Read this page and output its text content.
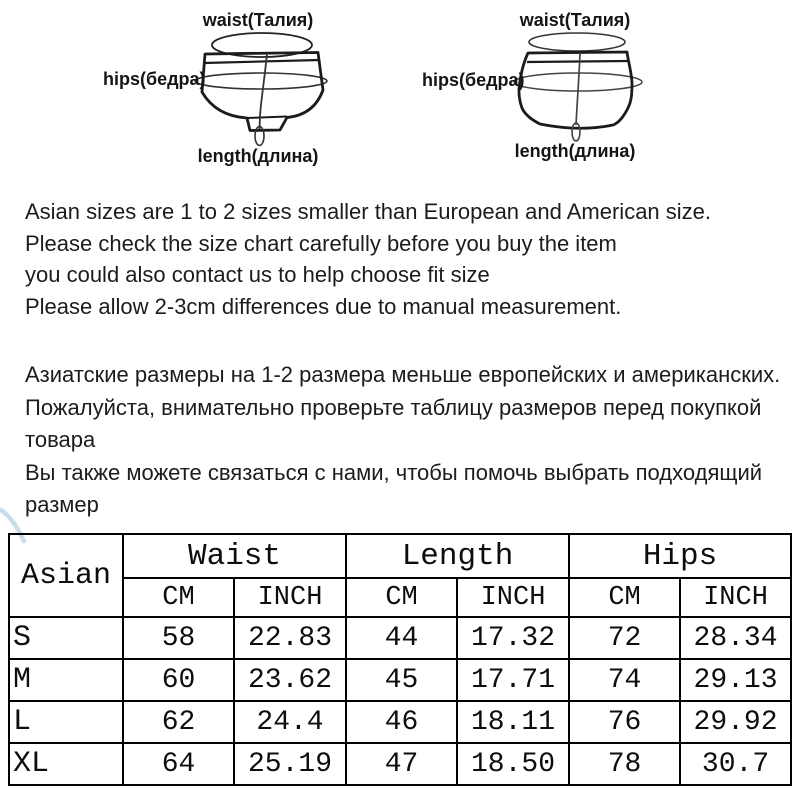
waist(Талия)
hips(бедра)
length(длина)
waist(Талия)
hips(бедра)
length(длина)
Asian sizes are 1 to 2 sizes smaller than European and American size.
Please check the size chart carefully before you buy the item
you could also contact us to help choose fit size
Please allow 2-3cm differences due to manual measurement.
Азиатские размеры на 1-2 размера меньше европейских и американских.
Пожалуйста, внимательно проверьте таблицу размеров перед покупкой
товара
Вы также можете связаться с нами, чтобы помочь выбрать подходящий
размер
Asian	Waist		Length		Hips	
	CM	INCH	CM	INCH	CM	INCH
S	58	22.83	44	17.32	72	28.34
M	60	23.62	45	17.71	74	29.13
L	62	24.4	46	18.11	76	29.92
XL	64	25.19	47	18.50	78	30.7
